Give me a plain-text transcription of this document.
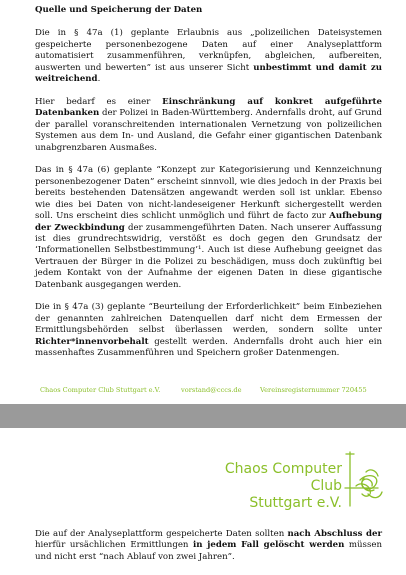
Quelle und Speicherung der Daten

Die in § 47a (1) geplante Erlaubnis aus „polizeilichen Dateisystemen gespeicherte personenbezogene Daten auf einer Analyseplattform automatisiert zusammenführen, verknüpfen, abgleichen, aufbereiten, auswerten und bewerten” ist aus unserer Sicht unbestimmt und damit zu weitreichend.

Hier bedarf es einer Einschränkung auf konkret aufgeführte Datenbanken der Polizei in Baden-Württemberg. Andernfalls droht, auf Grund der parallel voranschreitenden internationalen Vernetzung von polizeilichen Systemen aus dem In- und Ausland, die Gefahr einer gigantischen Datenbank unabgrenzbaren Ausmaßes.

Das in § 47a (6) geplante “Konzept zur Kategorisierung und Kennzeichnung personenbezogener Daten” erscheint sinnvoll, wie dies jedoch in der Praxis bei bereits bestehenden Datensätzen angewandt werden soll ist unklar. Ebenso wie dies bei Daten von nicht-landeseigener Herkunft sichergestellt werden soll. Uns erscheint dies schlicht unmöglich und führt de facto zur Aufhebung der Zweckbindung der zusammengeführten Daten. Nach unserer Auffassung ist dies grundrechtswidrig, verstößt es doch gegen den Grundsatz der ‘Informationellen Selbstbestimmung’¹. Auch ist diese Aufhebung geeignet das Vertrauen der Bürger in die Polizei zu beschädigen, muss doch zukünftig bei jedem Kontakt von der Aufnahme der eigenen Daten in diese gigantische Datenbank ausgegangen werden.

Die in § 47a (3) geplante “Beurteilung der Erforderlichkeit” beim Einbeziehen der genannten zahlreichen Datenquellen darf nicht dem Ermessen der Ermittlungsbehörden selbst überlassen werden, sondern sollte unter Richter*innenvorbehalt gestellt werden. Andernfalls droht auch hier ein massenhaftes Zusammenführen und Speichern großer Datenmengen.

Chaos Computer Club Stuttgart e.V.	vorstand@cccs.de	Vereinsregisternummer 720455
Chaos Computer Club
Stuttgart e.V.

Die auf der Analyseplattform gespeicherte Daten sollten nach Abschluss der hierfür ursächlichen Ermittlungen in jedem Fall gelöscht werden müssen und nicht erst “nach Ablauf von zwei Jahren”.
